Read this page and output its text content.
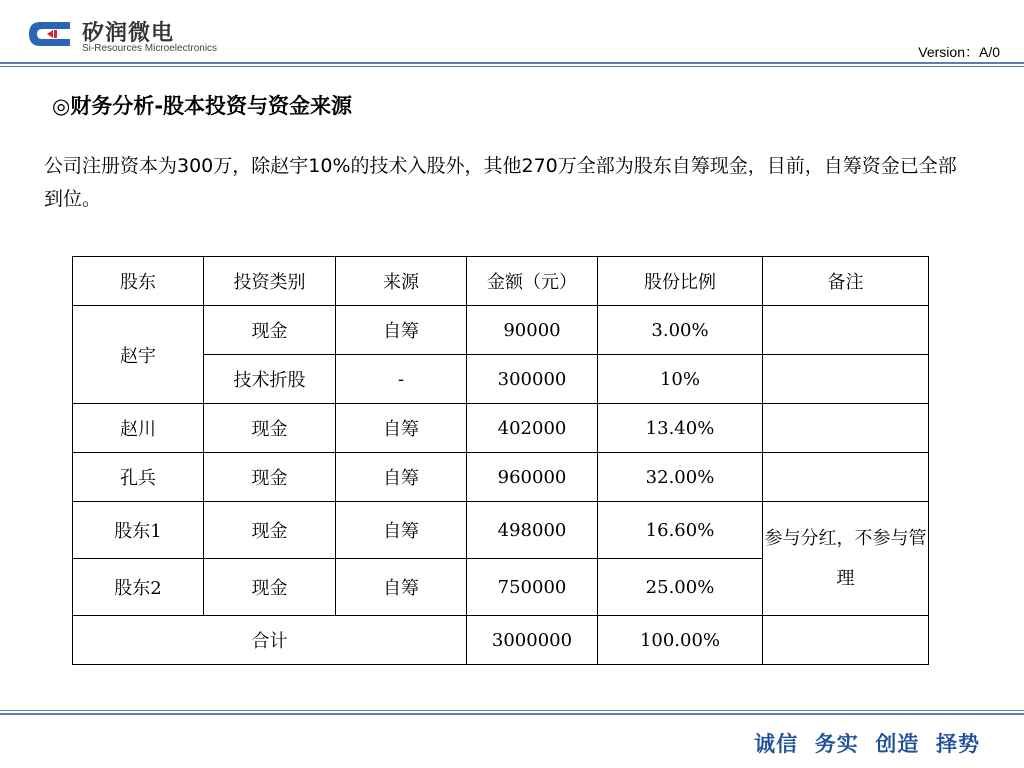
矽润微电
Si-Resources Microelectronics	Version：A/0
◎财务分析-股本投资与资金来源
公司注册资本为300万，除赵宇10%的技术入股外，其他270万全部为股东自筹现金，目前，自筹资金已全部到位。
股东	投资类别	来源	金额（元）	股份比例	备注
赵宇	现金	自筹	90000	3.00%	
	技术折股	-	300000	10%	
赵川	现金	自筹	402000	13.40%	
孔兵	现金	自筹	960000	32.00%	
股东1	现金	自筹	498000	16.60%	参与分红，不参与管理
股东2	现金	自筹	750000	25.00%	
合计			3000000	100.00%	
诚信  务实  创造  择势
